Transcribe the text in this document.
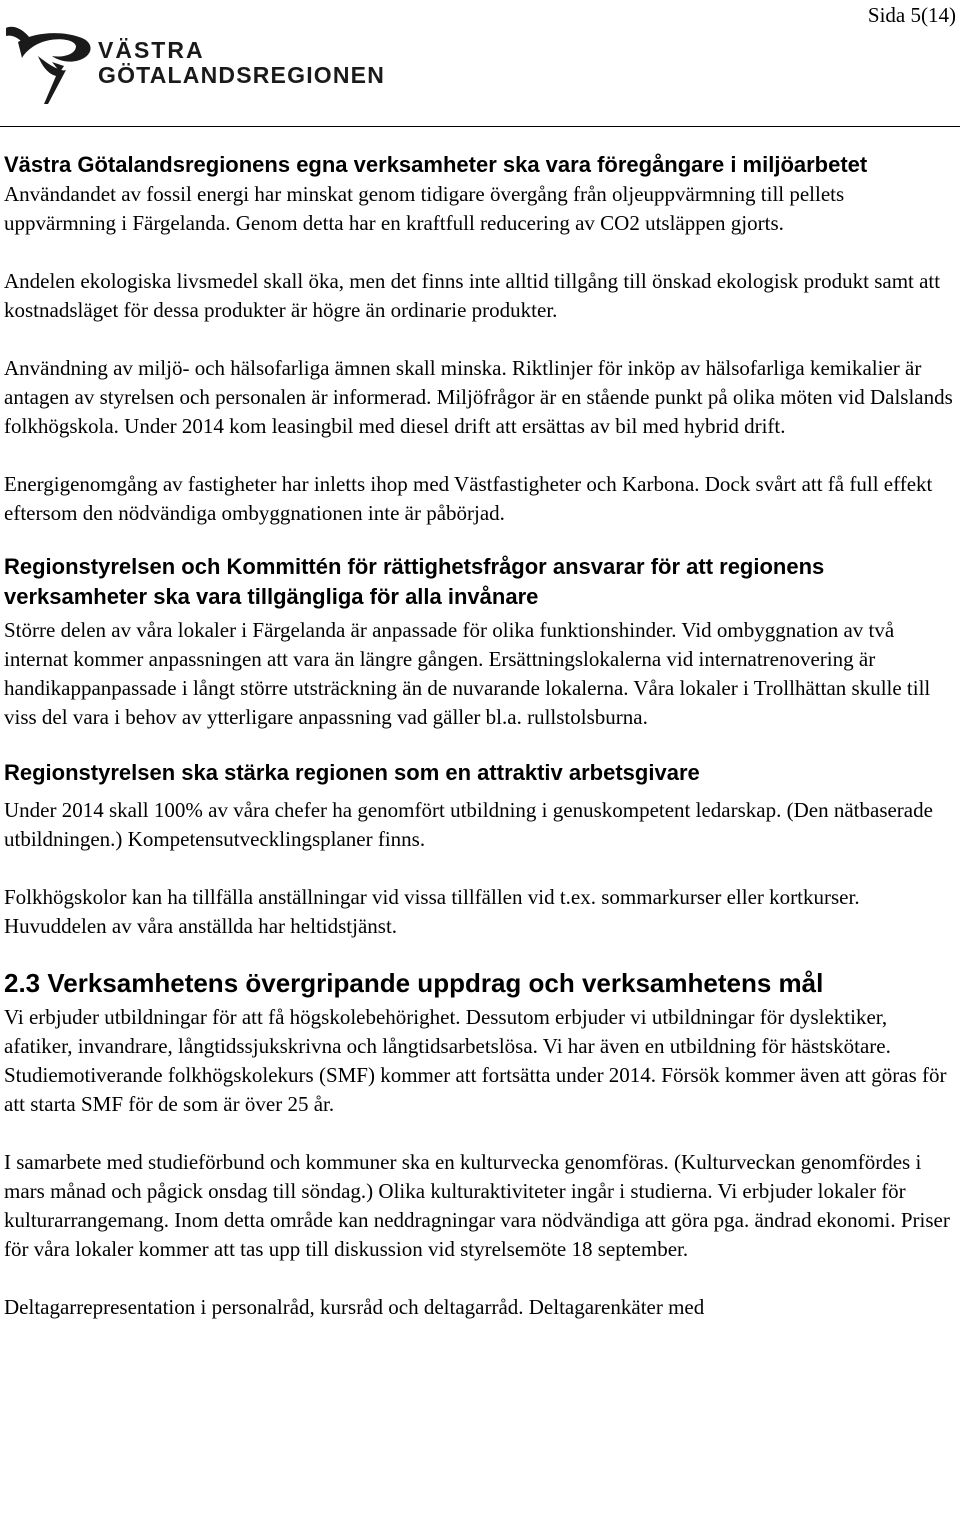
Sida 5(14)
VÄSTRA
GÖTALANDSREGIONEN
Västra Götalandsregionens egna verksamheter ska vara föregångare i miljöarbetet

Användandet av fossil energi har minskat genom tidigare övergång från oljeuppvärmning till pellets uppvärmning i Färgelanda. Genom detta har en kraftfull reducering av CO2 utsläppen gjorts.

Andelen ekologiska livsmedel skall öka, men det finns inte alltid tillgång till önskad ekologisk produkt samt att kostnadsläget för dessa produkter är högre än ordinarie produkter.

Användning av miljö- och hälsofarliga ämnen skall minska. Riktlinjer för inköp av hälsofarliga kemikalier är antagen av styrelsen och personalen är informerad. Miljöfrågor är en stående punkt på olika möten vid Dalslands folkhögskola. Under 2014 kom leasingbil med diesel drift att ersättas av bil med hybrid drift.

Energigenomgång av fastigheter har inletts ihop med Västfastigheter och Karbona. Dock svårt att få full effekt eftersom den nödvändiga ombyggnationen inte är påbörjad.

Regionstyrelsen och Kommittén för rättighetsfrågor ansvarar för att regionens verksamheter ska vara tillgängliga för alla invånare

Större delen av våra lokaler i Färgelanda är anpassade för olika funktionshinder. Vid ombyggnation av två internat kommer anpassningen att vara än längre gången. Ersättningslokalerna vid internatrenovering är handikappanpassade i långt större utsträckning än de nuvarande lokalerna. Våra lokaler i Trollhättan skulle till viss del vara i behov av ytterligare anpassning vad gäller bl.a. rullstolsburna.

Regionstyrelsen ska stärka regionen som en attraktiv arbetsgivare

Under 2014 skall 100% av våra chefer ha genomfört utbildning i genuskompetent ledarskap. (Den nätbaserade utbildningen.) Kompetensutvecklingsplaner finns.

Folkhögskolor kan ha tillfälla anställningar vid vissa tillfällen vid t.ex. sommarkurser eller kortkurser. Huvuddelen av våra anställda har heltidstjänst.

2.3 Verksamhetens övergripande uppdrag och verksamhetens mål

Vi erbjuder utbildningar för att få högskolebehörighet. Dessutom erbjuder vi utbildningar för dyslektiker, afatiker, invandrare, långtidssjukskrivna och långtidsarbetslösa. Vi har även en utbildning för hästskötare. Studiemotiverande folkhögskolekurs (SMF) kommer att fortsätta under 2014. Försök kommer även att göras för att starta SMF för de som är över 25 år.

I samarbete med studieförbund och kommuner ska en kulturvecka genomföras. (Kulturveckan genomfördes i mars månad och pågick onsdag till söndag.) Olika kulturaktiviteter ingår i studierna. Vi erbjuder lokaler för kulturarrangemang. Inom detta område kan neddragningar vara nödvändiga att göra pga. ändrad ekonomi. Priser för våra lokaler kommer att tas upp till diskussion vid styrelsemöte 18 september.

Deltagarrepresentation i personalråd, kursråd och deltagarråd. Deltagarenkäter med
